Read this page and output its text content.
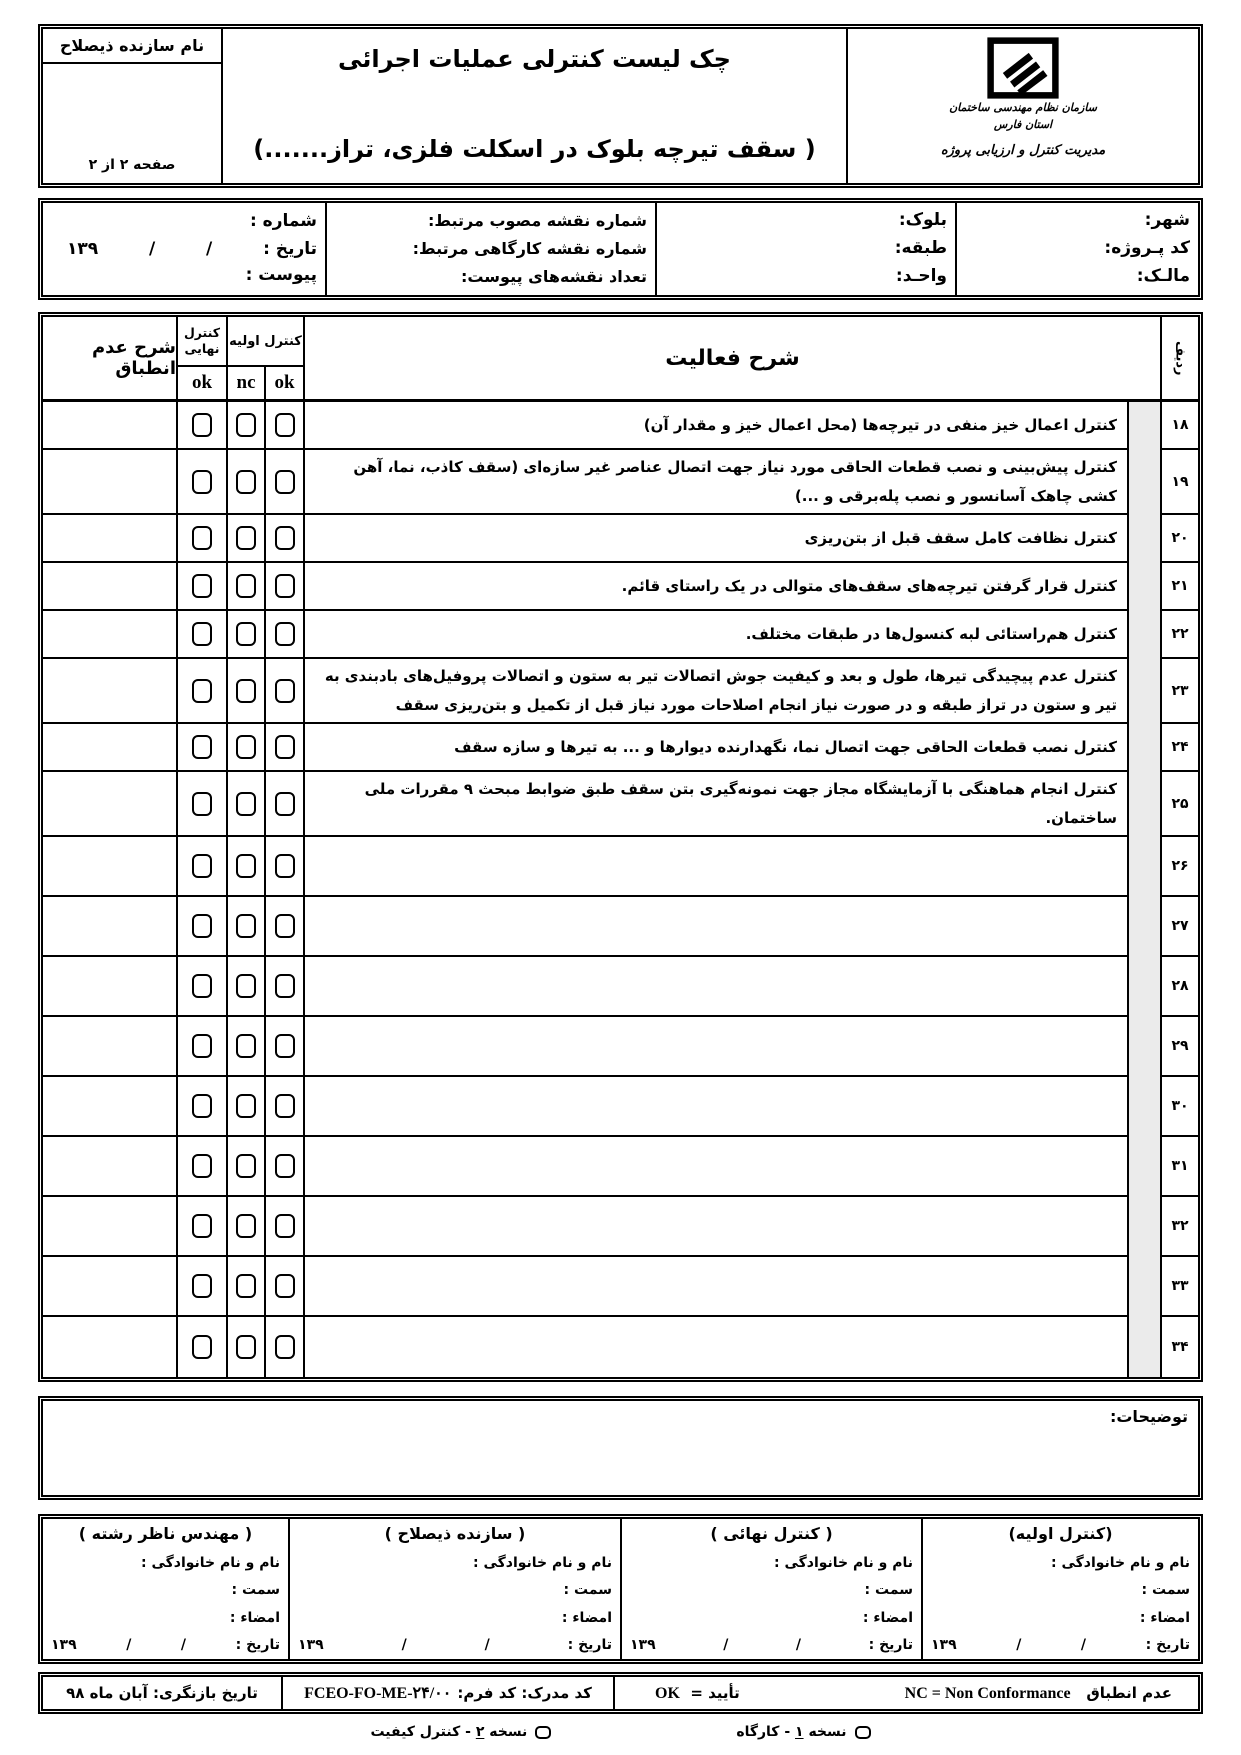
سازمان نظام مهندسی ساختمان
استان فارس
مدیریت کنترل و ارزیابی پروژه
چک لیست کنترلی عملیات اجرائی
( سقف تیرچه بلوک در اسکلت فلزی، تراز.......)
نام سازنده ذیصلاح
صفحه ۲ از ۲
شهر:
کد پـروژه:
مالـک:
بلوک:
طبقه:
واحـد:
شماره نقشه مصوب مرتبط:
شماره نقشه کارگاهی مرتبط:
تعداد نقشه‌های پیوست:
شماره :
تاریخ :
/
/
۱۳۹
پیوست :
ردیف
شرح فعالیت
کنترل اولیه
ok
nc
کنترل نهایی
ok
شرح عدم انطباق
۱۸
کنترل اعمال خیز منفی در تیرچه‌ها (محل اعمال خیز و مقدار آن)
۱۹
کنترل پیش‌بینی و نصب قطعات الحاقی مورد نیاز جهت اتصال عناصر غیر سازه‌ای (سقف کاذب، نما، آهن کشی چاهک آسانسور و نصب پله‌برقی و ...)
۲۰
کنترل نظافت کامل سقف قبل از بتن‌ریزی
۲۱
کنترل قرار گرفتن تیرچه‌های سقف‌های متوالی در یک راستای قائم.
۲۲
کنترل هم‌راستائی لبه کنسول‌ها در طبقات مختلف.
۲۳
کنترل عدم پیچیدگی تیرها، طول و بعد و کیفیت جوش اتصالات تیر به ستون و اتصالات پروفیل‌های بادبندی به تیر و ستون در تراز طبقه و در صورت نیاز انجام اصلاحات مورد نیاز قبل از تکمیل و بتن‌ریزی سقف
۲۴
کنترل نصب قطعات الحاقی جهت اتصال نما، نگهدارنده دیوارها و ... به تیرها و سازه سقف
۲۵
کنترل انجام هماهنگی با آزمایشگاه مجاز جهت نمونه‌گیری بتن سقف طبق ضوابط مبحث ۹ مقررات ملی ساختمان.
۲۶
۲۷
۲۸
۲۹
۳۰
۳۱
۳۲
۳۳
۳۴
توضیحات:
(کنترل اولیه)
نام و نام خانوادگی :
سمت :
امضاء :
تاریخ :
/
/
۱۳۹
( کنترل نهائی )
نام و نام خانوادگی :
سمت :
امضاء :
تاریخ :
/
/
۱۳۹
( سازنده ذیصلاح )
نام و نام خانوادگی :
سمت :
امضاء :
تاریخ :
/
/
۱۳۹
( مهندس ناظر رشته )
نام و نام خانوادگی :
سمت :
امضاء :
تاریخ :
/
/
۱۳۹
عدم انطباق   NC = Non Conformance
تأیید =  OK
کد مدرک: کد فرم:
FCEO-FO-ME-۲۴/۰۰
تاریخ بازنگری: آبان ماه ۹۸
نسخه ۱ - کارگاه
نسخه ۲ - کنترل کیفیت
